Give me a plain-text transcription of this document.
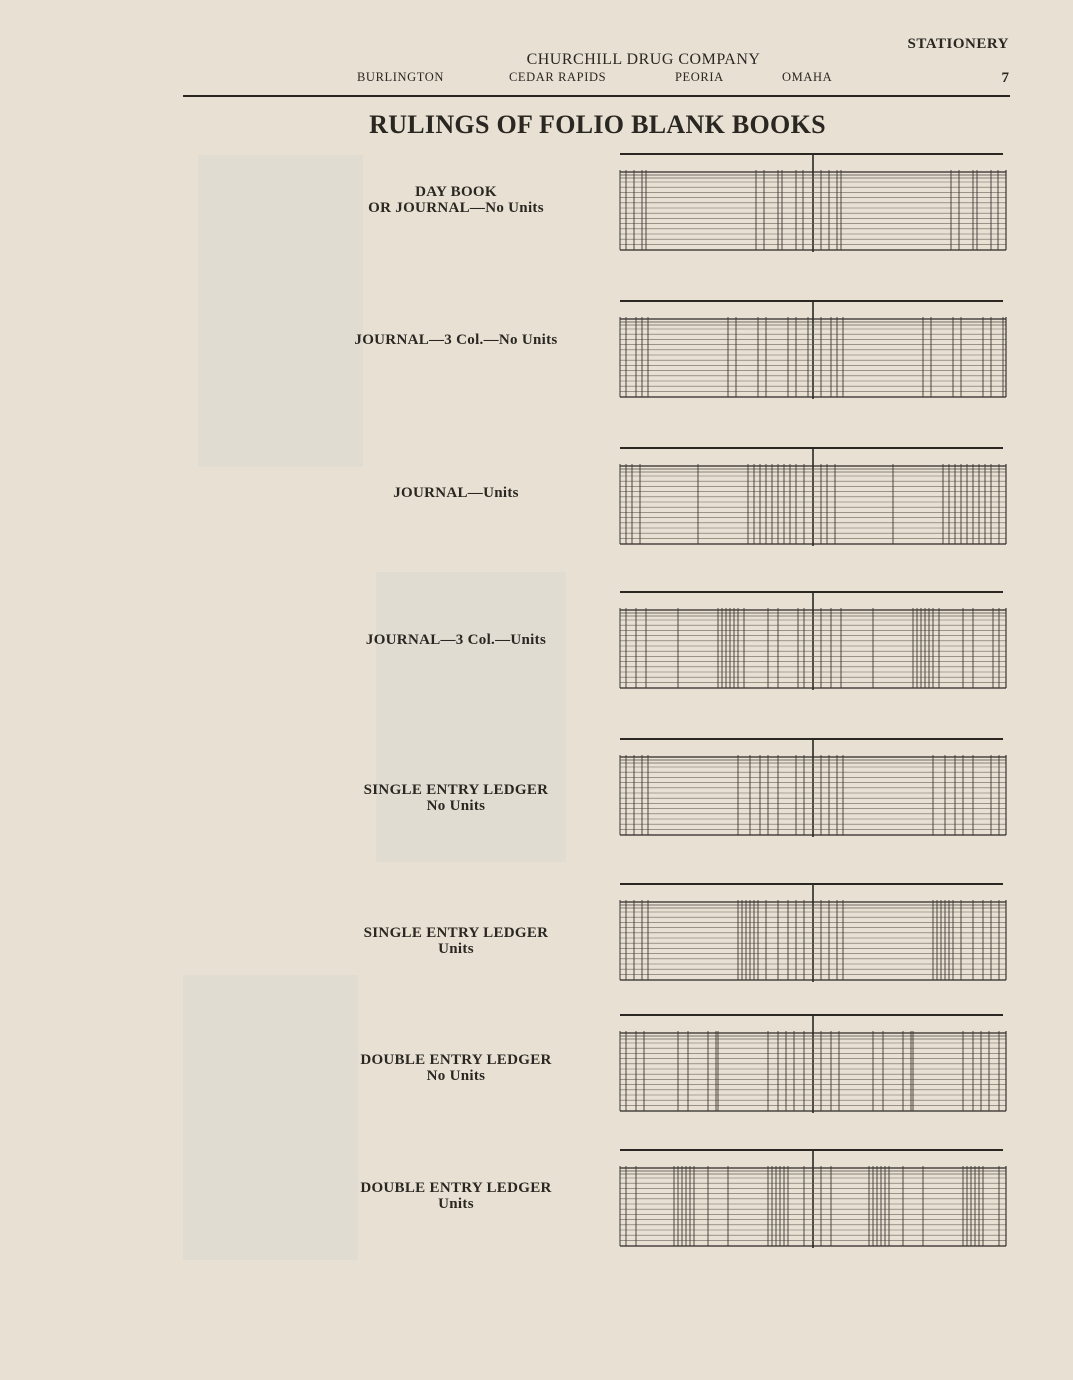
STATIONERY
CHURCHILL DRUG COMPANY
7
BURLINGTON	CEDAR RAPIDS	PEORIA	OMAHA
RULINGS OF FOLIO BLANK BOOKS
DAY BOOK
OR JOURNAL—No Units
JOURNAL—3 Col.—No Units
JOURNAL—Units
JOURNAL—3 Col.—Units
SINGLE ENTRY LEDGER
No Units
SINGLE ENTRY LEDGER
Units
DOUBLE ENTRY LEDGER
No Units
DOUBLE ENTRY LEDGER
Units
